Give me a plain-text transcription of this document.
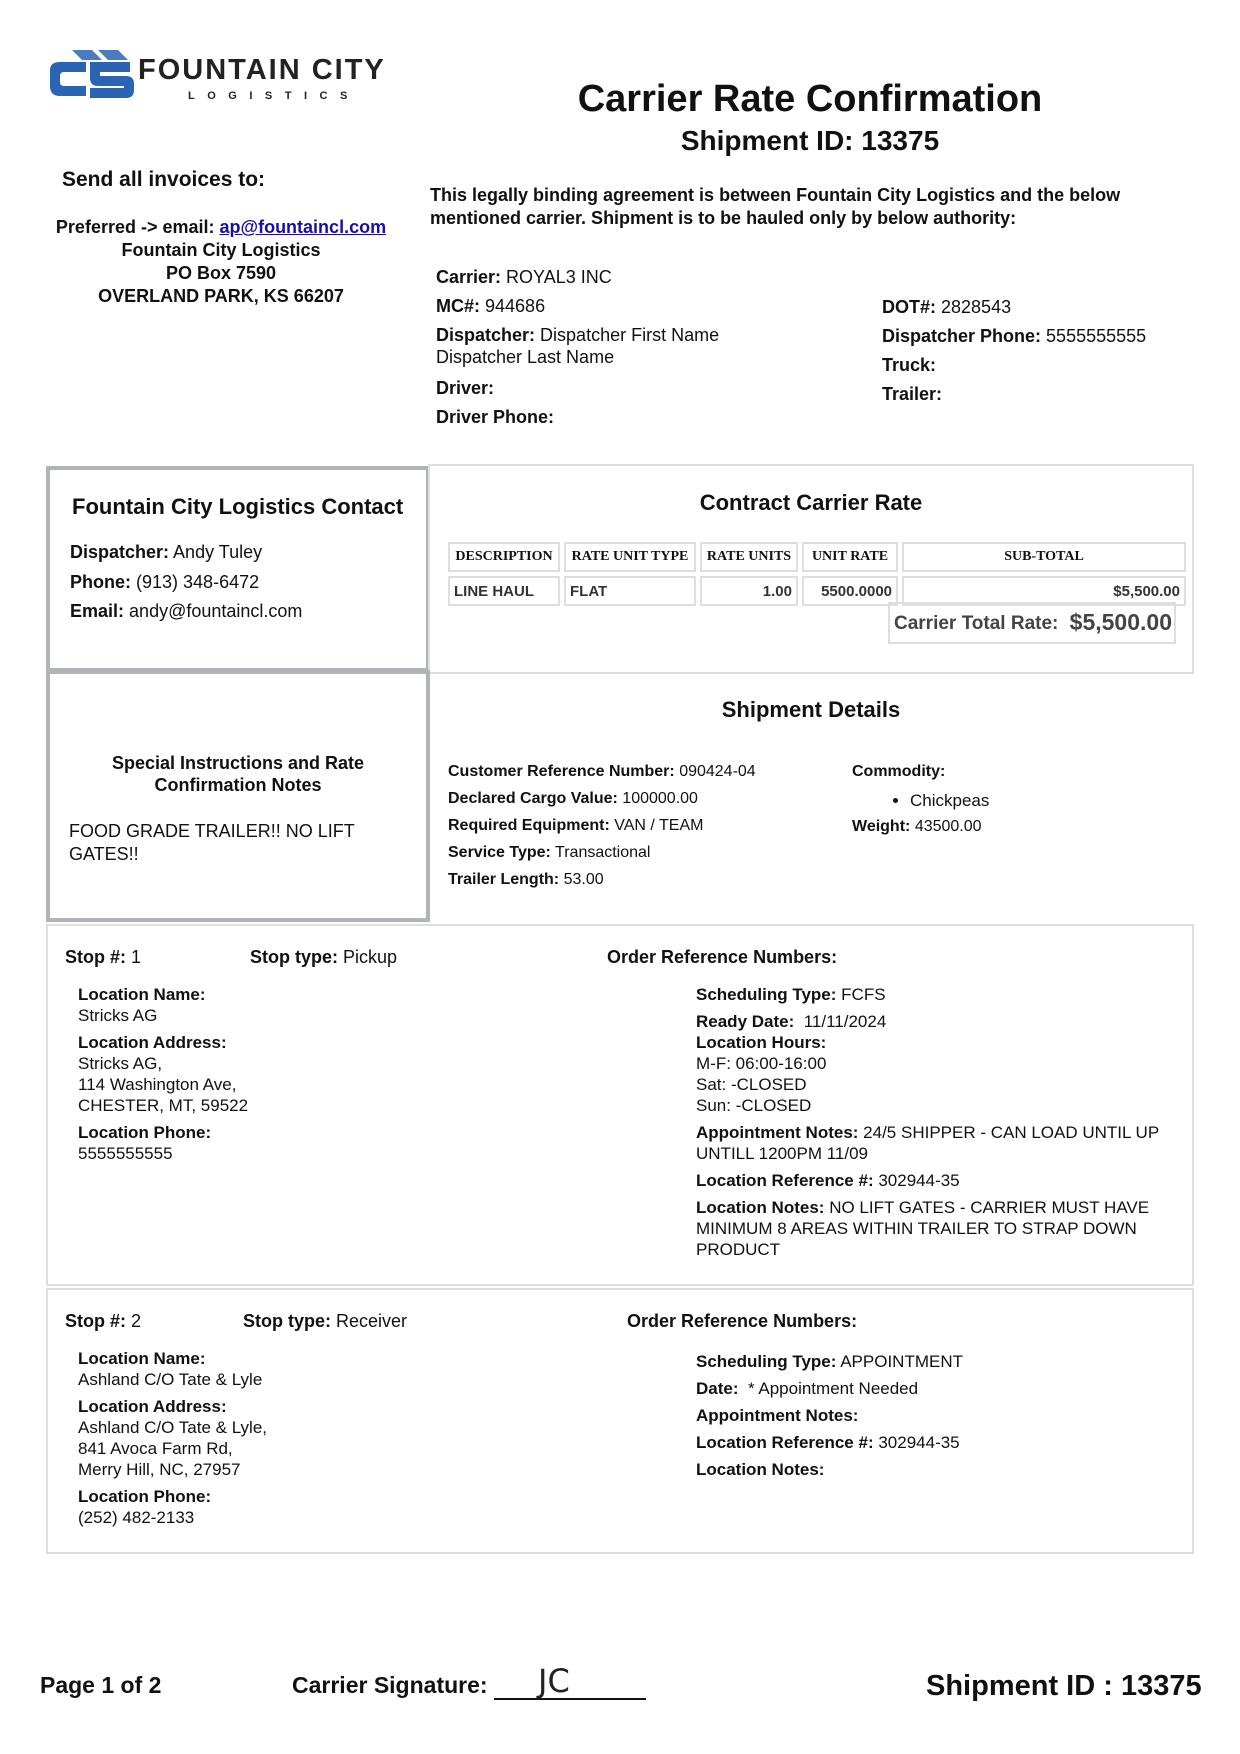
FOUNTAIN CITY
LOGISTICS	Carrier Rate Confirmation
Shipment ID: 13375
Send all invoices to:
Preferred -> email: ap@fountaincl.com
Fountain City Logistics
PO Box 7590
OVERLAND PARK, KS 66207
This legally binding agreement is between Fountain City Logistics and the below mentioned carrier. Shipment is to be hauled only by below authority:
Carrier: ROYAL3 INC
MC#: 944686	DOT#: 2828543
Dispatcher: Dispatcher First Name
Dispatcher Last Name
Dispatcher Phone: 5555555555
Truck:
Trailer:
Driver:
Driver Phone:
Fountain City Logistics Contact
Dispatcher: Andy Tuley
Phone: (913) 348-6472
Email: andy@fountaincl.com
Contract Carrier Rate
DESCRIPTION	RATE UNIT TYPE	RATE UNITS	UNIT RATE	SUB-TOTAL
LINE HAUL	FLAT	1.00	5500.0000	$5,500.00
Carrier Total Rate: $5,500.00
Special Instructions and Rate
Confirmation Notes
FOOD GRADE TRAILER!! NO LIFT GATES!!
Shipment Details
Customer Reference Number: 090424-04
Declared Cargo Value: 100000.00
Required Equipment: VAN / TEAM
Service Type: Transactional
Trailer Length: 53.00
Commodity:
• Chickpeas
Weight: 43500.00
Stop #: 1	Stop type: Pickup	Order Reference Numbers:
Location Name:
Stricks AG
Location Address:
Stricks AG,
114 Washington Ave,
CHESTER, MT, 59522
Location Phone:
5555555555
Scheduling Type: FCFS
Ready Date: 11/11/2024
Location Hours:
M-F: 06:00-16:00
Sat: -CLOSED
Sun: -CLOSED
Appointment Notes: 24/5 SHIPPER - CAN LOAD UNTIL UP UNTILL 1200PM 11/09
Location Reference #: 302944-35
Location Notes: NO LIFT GATES - CARRIER MUST HAVE MINIMUM 8 AREAS WITHIN TRAILER TO STRAP DOWN PRODUCT
Stop #: 2	Stop type: Receiver	Order Reference Numbers:
Location Name:
Ashland C/O Tate & Lyle
Location Address:
Ashland C/O Tate & Lyle,
841 Avoca Farm Rd,
Merry Hill, NC, 27957
Location Phone:
(252) 482-2133
Scheduling Type: APPOINTMENT
Date: * Appointment Needed
Appointment Notes:
Location Reference #: 302944-35
Location Notes:
Page 1 of 2	Carrier Signature: JC	Shipment ID : 13375
